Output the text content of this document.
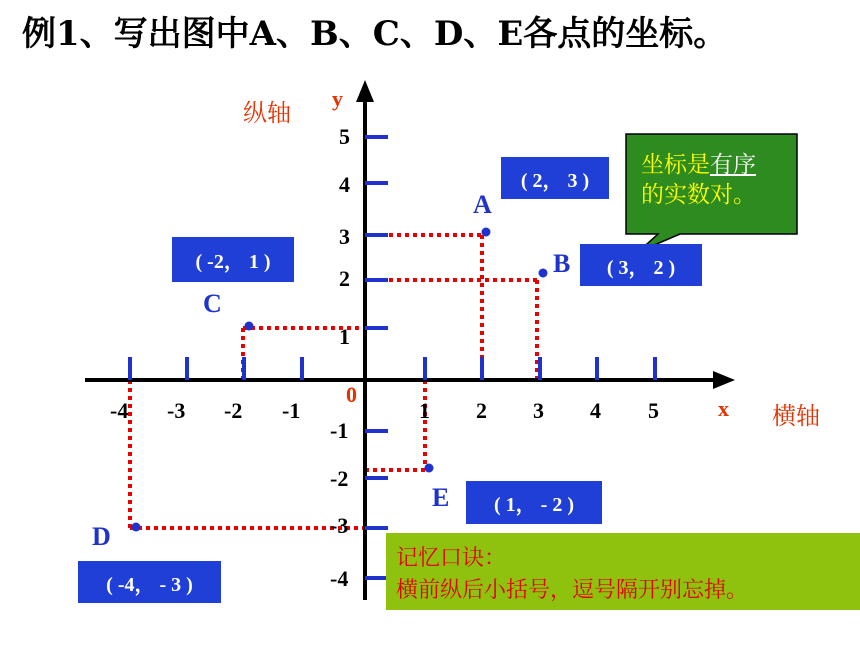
例1、写出图中A、B、C、D、E各点的坐标。
纵轴
y
横轴
x
0
-4 -3 -2 -1	1 2 3 4 5
5
4
3
2
1
-1
-2
-3
-4
A
B
C
D
E
( 2， 3 )
( 3， 2 )
( -2， 1 )
( -4， - 3 )
( 1， - 2 )
坐标是有序
的实数对。
记忆口诀：
横前纵后小括号，逗号隔开别忘掉。
